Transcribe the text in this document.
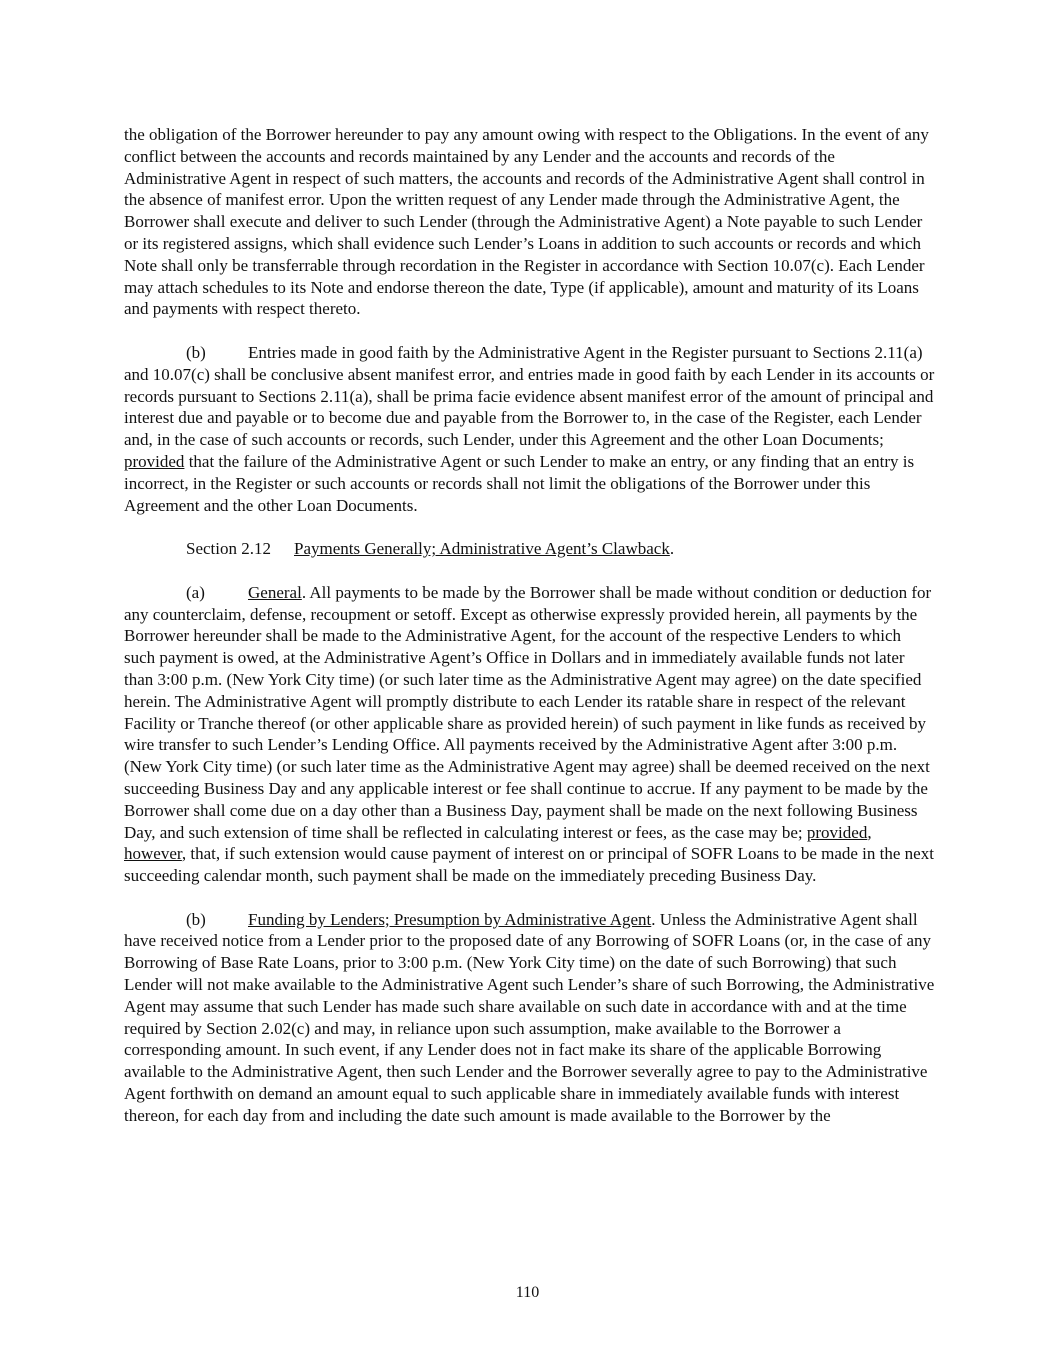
the obligation of the Borrower hereunder to pay any amount owing with respect to the Obligations. In the event of any conflict between the accounts and records maintained by any Lender and the accounts and records of the Administrative Agent in respect of such matters, the accounts and records of the Administrative Agent shall control in the absence of manifest error. Upon the written request of any Lender made through the Administrative Agent, the Borrower shall execute and deliver to such Lender (through the Administrative Agent) a Note payable to such Lender or its registered assigns, which shall evidence such Lender’s Loans in addition to such accounts or records and which Note shall only be transferrable through recordation in the Register in accordance with Section 10.07(c). Each Lender may attach schedules to its Note and endorse thereon the date, Type (if applicable), amount and maturity of its Loans and payments with respect thereto.

(b) Entries made in good faith by the Administrative Agent in the Register pursuant to Sections 2.11(a) and 10.07(c) shall be conclusive absent manifest error, and entries made in good faith by each Lender in its accounts or records pursuant to Sections 2.11(a), shall be prima facie evidence absent manifest error of the amount of principal and interest due and payable or to become due and payable from the Borrower to, in the case of the Register, each Lender and, in the case of such accounts or records, such Lender, under this Agreement and the other Loan Documents; provided that the failure of the Administrative Agent or such Lender to make an entry, or any finding that an entry is incorrect, in the Register or such accounts or records shall not limit the obligations of the Borrower under this Agreement and the other Loan Documents.

Section 2.12 Payments Generally; Administrative Agent’s Clawback.

(a)	General. All payments to be made by the Borrower shall be made without condition or deduction for any counterclaim, defense, recoupment or setoff. Except as otherwise expressly provided herein, all payments by the Borrower hereunder shall be made to the Administrative Agent, for the account of the respective Lenders to which such payment is owed, at the Administrative Agent’s Office in Dollars and in immediately available funds not later than 3:00 p.m. (New York City time) (or such later time as the Administrative Agent may agree) on the date specified herein. The Administrative Agent will promptly distribute to each Lender its ratable share in respect of the relevant Facility or Tranche thereof (or other applicable share as provided herein) of such payment in like funds as received by wire transfer to such Lender’s Lending Office. All payments received by the Administrative Agent after 3:00 p.m. (New York City time) (or such later time as the Administrative Agent may agree) shall be deemed received on the next succeeding Business Day and any applicable interest or fee shall continue to accrue. If any payment to be made by the Borrower shall come due on a day other than a Business Day, payment shall be made on the next following Business Day, and such extension of time shall be reflected in calculating interest or fees, as the case may be; provided, however, that, if such extension would cause payment of interest on or principal of SOFR Loans to be made in the next succeeding calendar month, such payment shall be made on the immediately preceding Business Day.

(b) Funding by Lenders; Presumption by Administrative Agent. Unless the Administrative Agent shall have received notice from a Lender prior to the proposed date of any Borrowing of SOFR Loans (or, in the case of any Borrowing of Base Rate Loans, prior to 3:00 p.m. (New York City time) on the date of such Borrowing) that such Lender will not make available to the Administrative Agent such Lender’s share of such Borrowing, the Administrative Agent may assume that such Lender has made such share available on such date in accordance with and at the time required by Section 2.02(c) and may, in reliance upon such assumption, make available to the Borrower a corresponding amount. In such event, if any Lender does not in fact make its share of the applicable Borrowing available to the Administrative Agent, then such Lender and the Borrower severally agree to pay to the Administrative Agent forthwith on demand an amount equal to such applicable share in immediately available funds with interest thereon, for each day from and including the date such amount is made available to the Borrower by the

110
